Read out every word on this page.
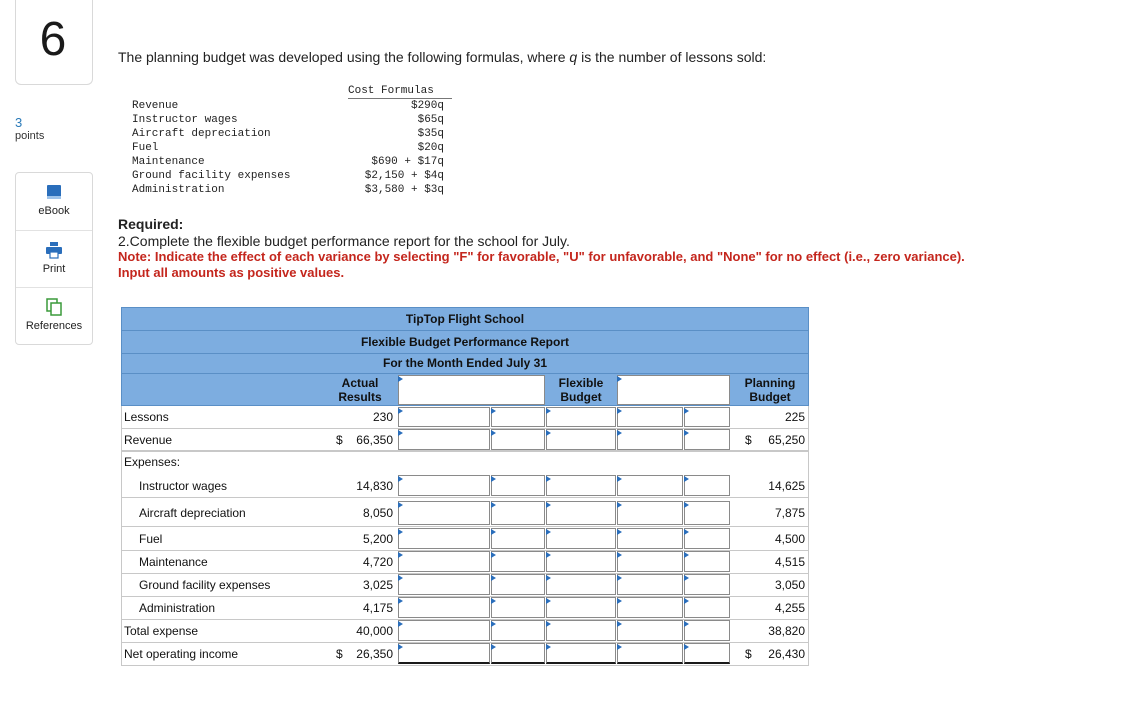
6
3
points
eBook
Print
References
The planning budget was developed using the following formulas, where q is the number of lessons sold:
Cost Formulas
Revenue	$290q
Instructor wages	$65q
Aircraft depreciation	$35q
Fuel	$20q
Maintenance	$690 + $17q
Ground facility expenses	$2,150 + $4q
Administration	$3,580 + $3q
Required:
2.Complete the flexible budget performance report for the school for July.
Note: Indicate the effect of each variance by selecting "F" for favorable, "U" for unfavorable, and "None" for no effect (i.e., zero variance). Input all amounts as positive values.
TipTop Flight School
Flexible Budget Performance Report
For the Month Ended July 31
Actual Results
Flexible Budget
Planning Budget
Expenses:
Lessons	230	225
Revenue	$	66,350	$	65,250
Instructor wages	14,830	14,625
Aircraft depreciation	8,050	7,875
Fuel	5,200	4,500
Maintenance	4,720	4,515
Ground facility expenses	3,025	3,050
Administration	4,175	4,255
Total expense	40,000	38,820
Net operating income	$	26,350	$	26,430
